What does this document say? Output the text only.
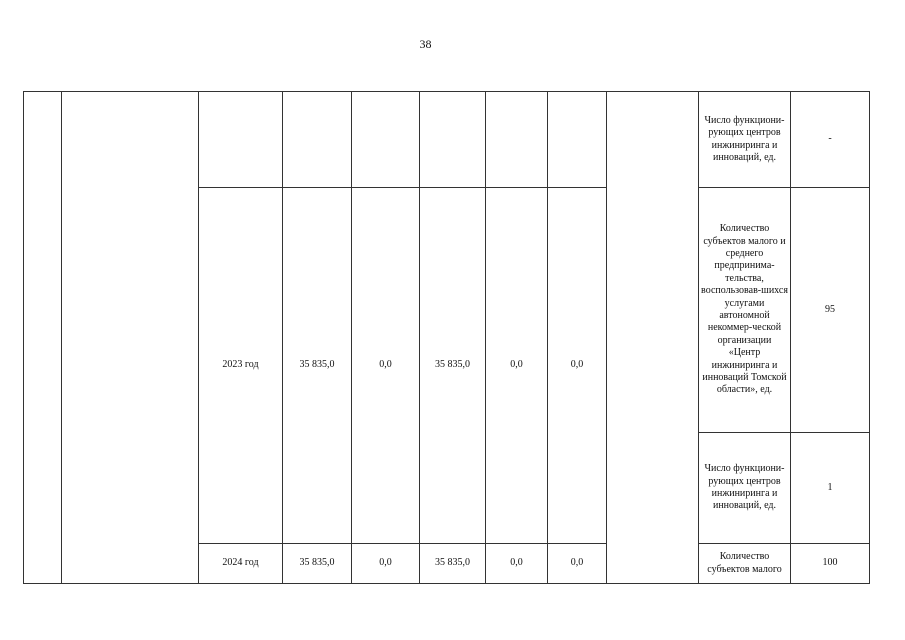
38
									Число функциони-рующих центров инжиниринга и инноваций, ед.	-
		2023 год	35 835,0	0,0	35 835,0	0,0	0,0		Количество субъектов малого и среднего предпринима-тельства, воспользовав-шихся услугами автономной некоммер-ческой организации «Центр инжиниринга и инноваций Томской области», ед.	95
									Число функциони-рующих центров инжиниринга и инноваций, ед.	1
		2024 год	35 835,0	0,0	35 835,0	0,0	0,0		Количество субъектов малого	100
